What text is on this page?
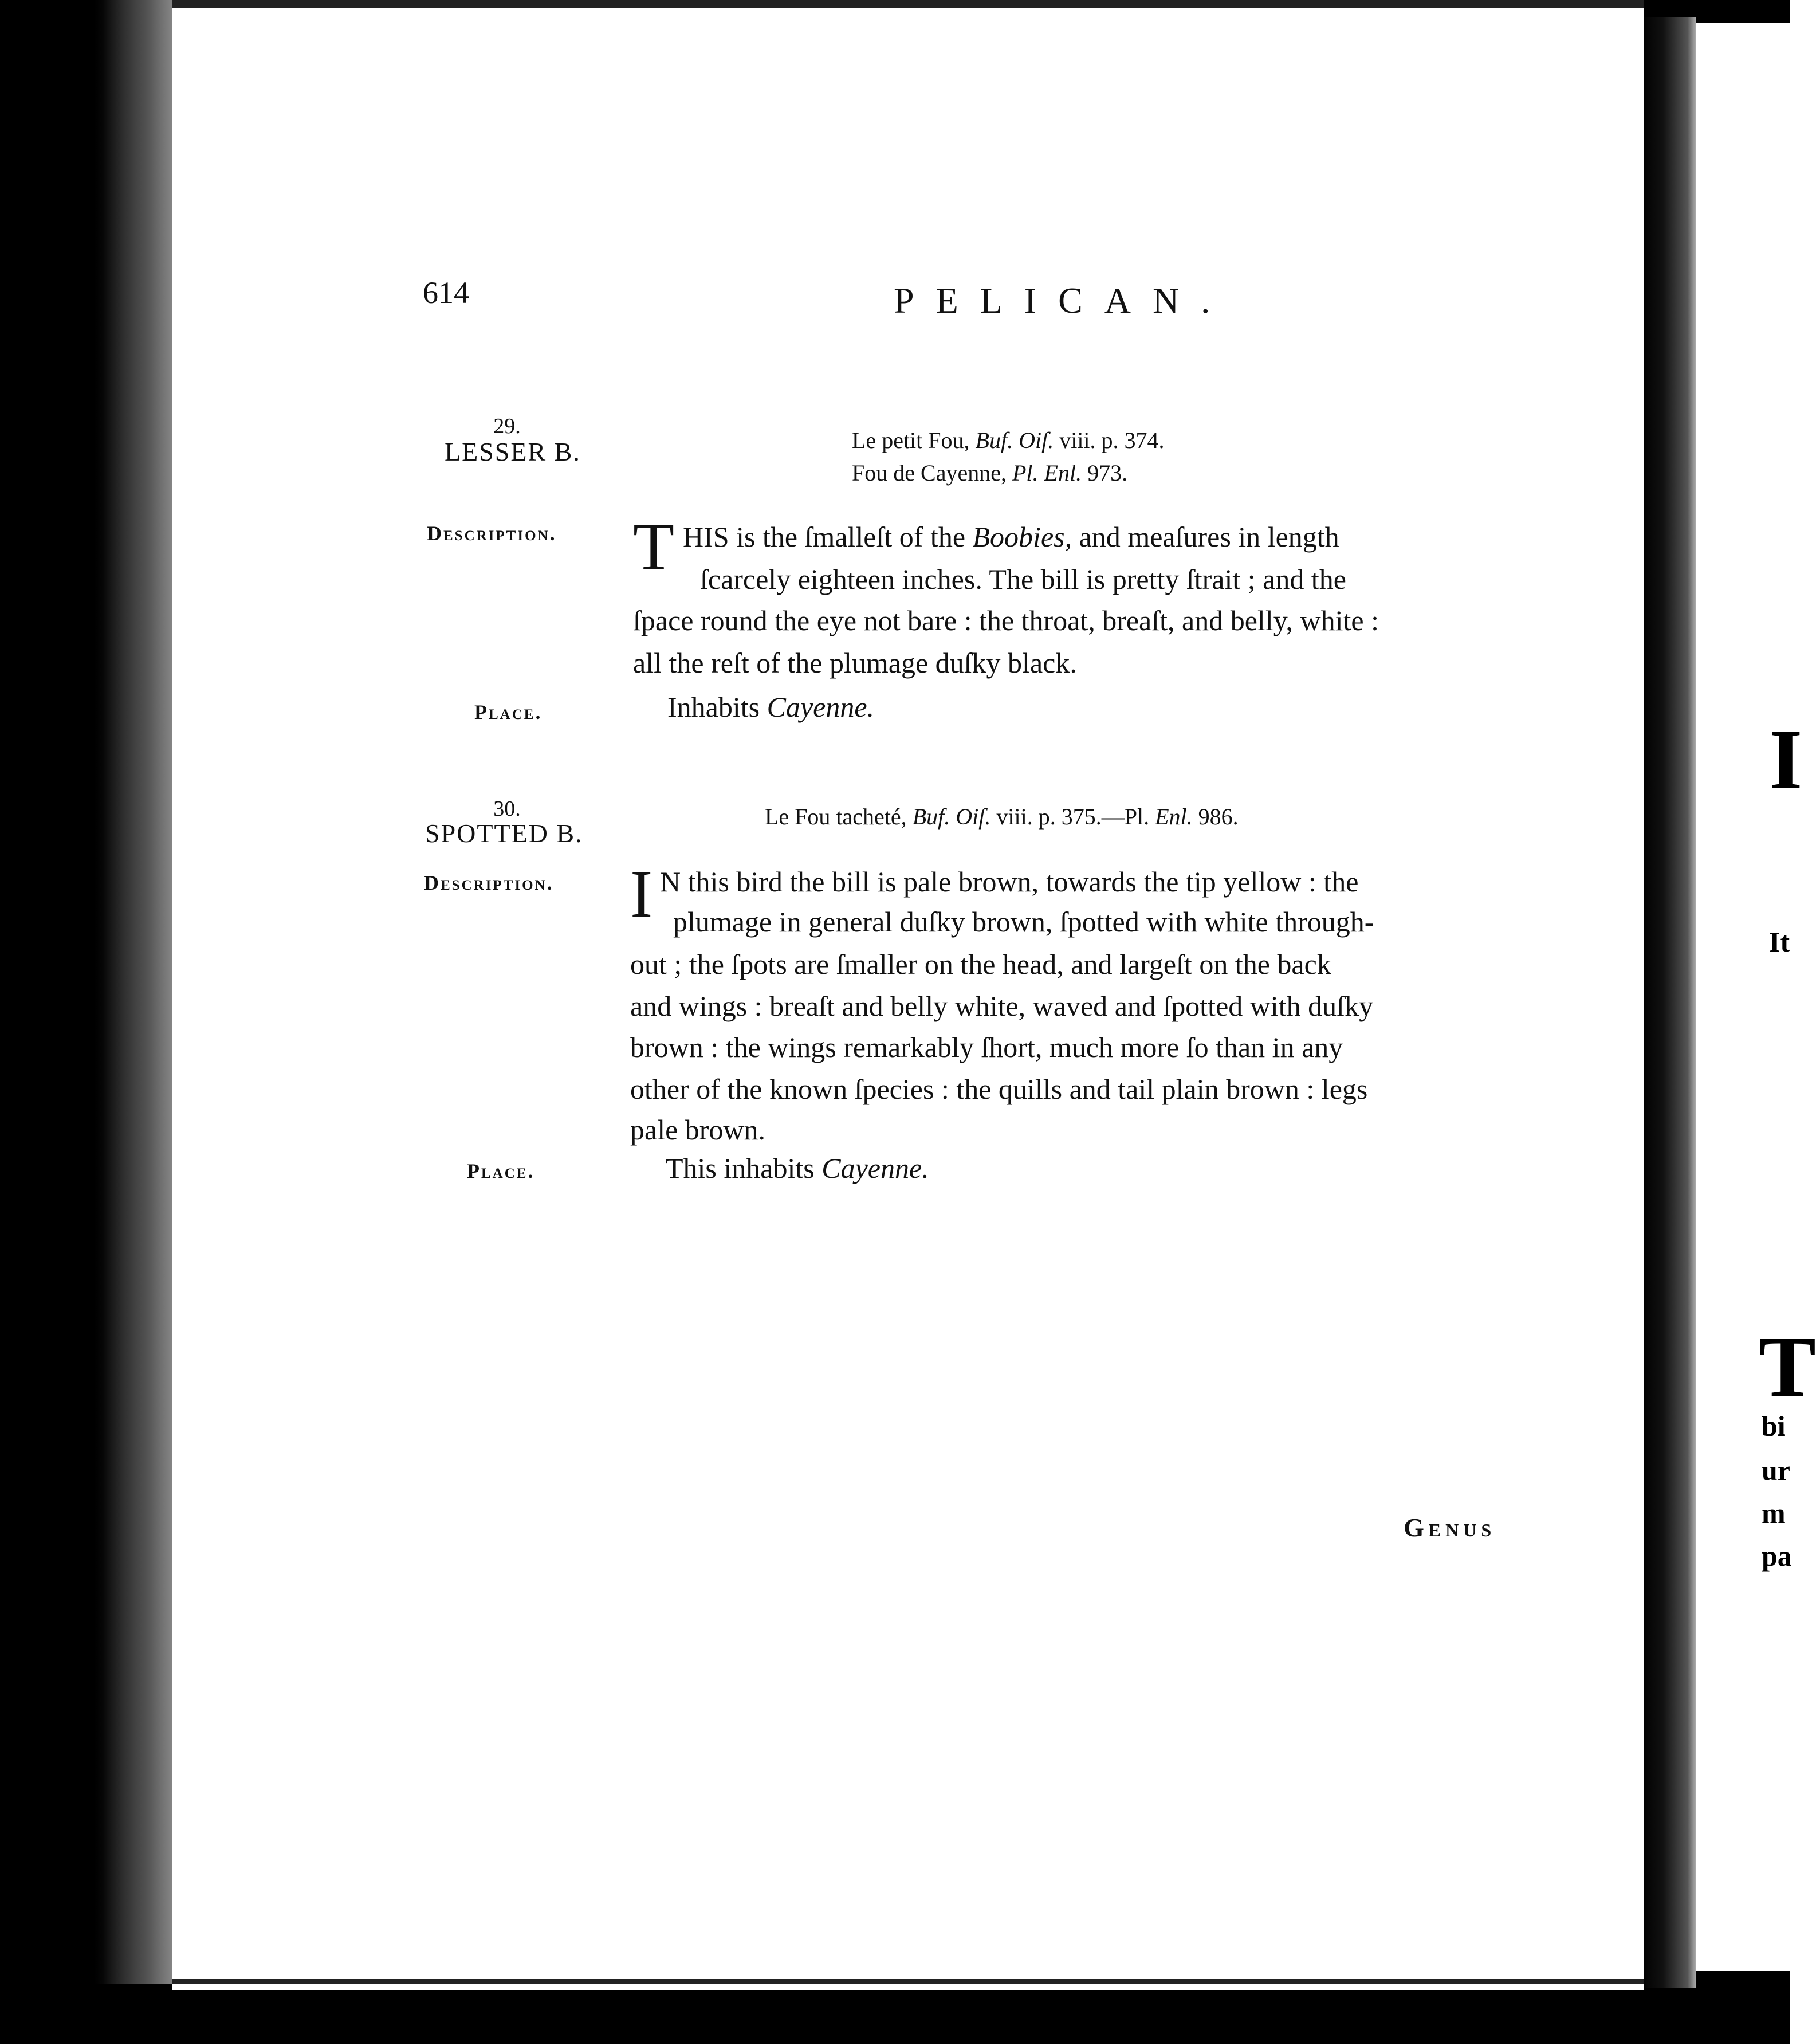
I
It
T
bi
ur
m
pa
614	PELICAN.
29.
LESSER B.	Le petit Fou, Buf. Oiſ. viii. p. 374.
Fou de Cayenne, Pl. Enl. 973.
Description. T HIS is the ſmalleſt of the Boobies, and meaſures in length
ſcarcely eighteen inches. The bill is pretty ſtrait ; and the
ſpace round the eye not bare : the throat, breaſt, and belly, white :
all the reſt of the plumage duſky black.
Place.	Inhabits Cayenne.
30.
SPOTTED B.
Le Fou tacheté, Buf. Oiſ. viii. p. 375.—Pl. Enl. 986.
Description. I N this bird the bill is pale brown, towards the tip yellow : the
plumage in general duſky brown, ſpotted with white through-
out ; the ſpots are ſmaller on the head, and largeſt on the back
and wings : breaſt and belly white, waved and ſpotted with duſky
brown : the wings remarkably ſhort, much more ſo than in any
other of the known ſpecies : the quills and tail plain brown : legs
pale brown.
Place.	This inhabits Cayenne.
Genus
